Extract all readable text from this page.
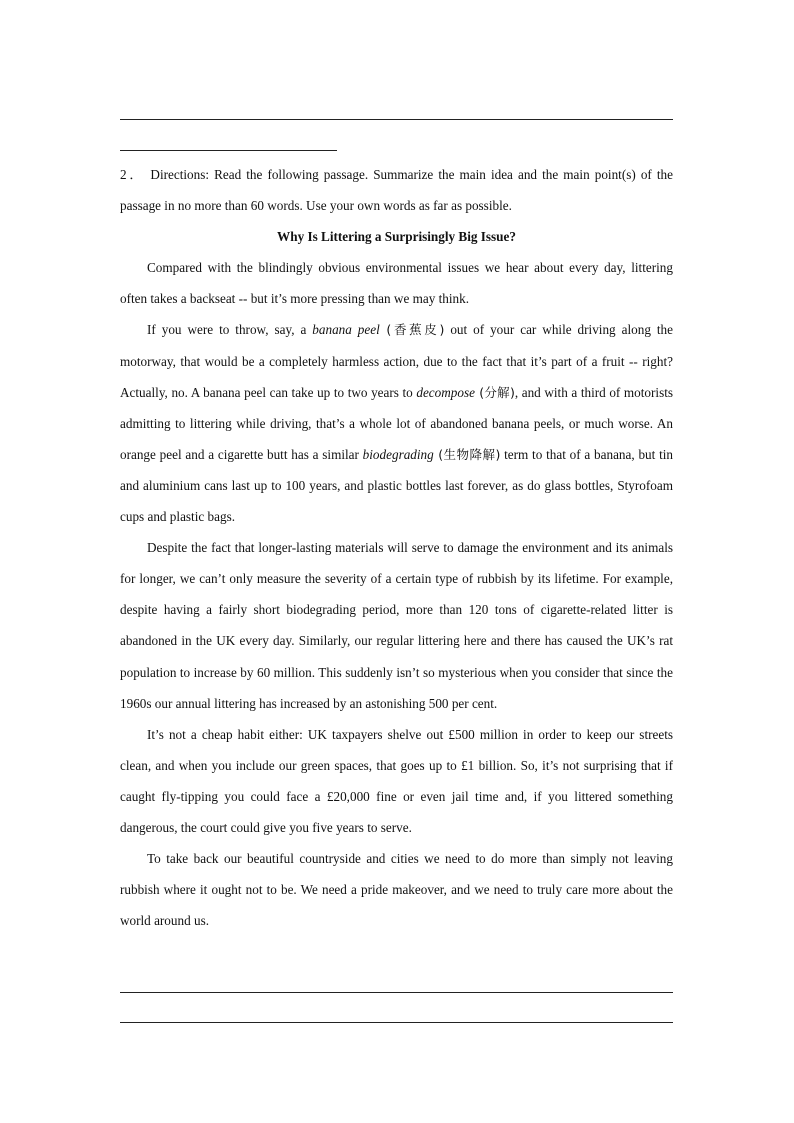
2． Directions: Read the following passage. Summarize the main idea and the main point(s) of the passage in no more than 60 words. Use your own words as far as possible.

Why Is Littering a Surprisingly Big Issue?

Compared with the blindingly obvious environmental issues we hear about every day, littering often takes a backseat -- but it’s more pressing than we may think.

If you were to throw, say, a banana peel (香蕉皮) out of your car while driving along the motorway, that would be a completely harmless action, due to the fact that it’s part of a fruit -- right? Actually, no. A banana peel can take up to two years to decompose (分解), and with a third of motorists admitting to littering while driving, that’s a whole lot of abandoned banana peels, or much worse. An orange peel and a cigarette butt has a similar biodegrading (生物降解) term to that of a banana, but tin and aluminium cans last up to 100 years, and plastic bottles last forever, as do glass bottles, Styrofoam cups and plastic bags.

Despite the fact that longer-lasting materials will serve to damage the environment and its animals for longer, we can’t only measure the severity of a certain type of rubbish by its lifetime. For example, despite having a fairly short biodegrading period, more than 120 tons of cigarette-related litter is abandoned in the UK every day. Similarly, our regular littering here and there has caused the UK’s rat population to increase by 60 million. This suddenly isn’t so mysterious when you consider that since the 1960s our annual littering has increased by an astonishing 500 per cent.

It’s not a cheap habit either: UK taxpayers shelve out £500 million in order to keep our streets clean, and when you include our green spaces, that goes up to £1 billion. So, it’s not surprising that if caught fly-tipping you could face a £20,000 fine or even jail time and, if you littered something dangerous, the court could give you five years to serve.

To take back our beautiful countryside and cities we need to do more than simply not leaving rubbish where it ought not to be. We need a pride makeover, and we need to truly care more about the world around us.
